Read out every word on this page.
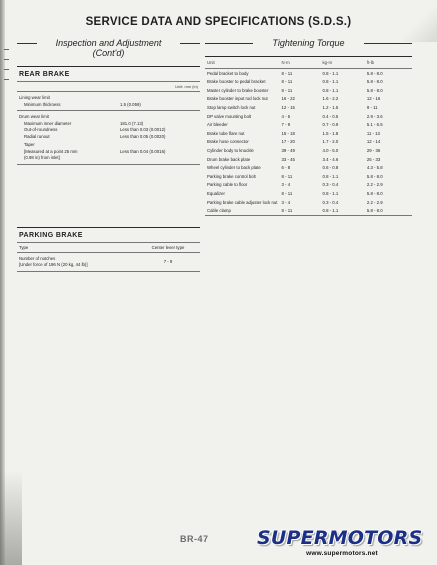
SERVICE DATA AND SPECIFICATIONS (S.D.S.)
Inspection and Adjustment
(Cont'd)
REAR BRAKE
Unit: mm (in)
Lining wear limit
Minimum thickness	1.5 (0.059)
Drum wear limit
Maximum inner diameter	181.0 (7.13)
Out-of-roundness	Less than 0.03 (0.0012)
Radial runout	Less than 0.05 (0.0020)
Taper
[Measured at a point 25 mm	Less than 0.04 (0.0016)
(0.98 in) from inlet]
PARKING BRAKE
Type	Center lever type
Number of notches
[Under force of 196 N (20 kg, 44 lb)]
7 - 9
Tightening Torque
Unit	N·m	kg-m	ft-lb
Pedal bracket to body	8 - 11	0.8 - 1.1	5.8 - 8.0
Brake booster to pedal bracket	8 - 11	0.8 - 1.1	5.8 - 8.0
Master cylinder to brake booster	8 - 11	0.8 - 1.1	5.8 - 8.0
Brake booster input rod lock nut	16 - 22	1.6 - 2.2	12 - 16
Stop lamp switch lock nut	12 - 15	1.2 - 1.5	9 - 11
DP valve mounting bolt	4 - 5	0.4 - 0.5	2.9 - 3.6
Air bleeder	7 - 9	0.7 - 0.9	5.1 - 6.5
Brake tube flare nut	15 - 18	1.5 - 1.8	11 - 13
Brake hose connector	17 - 20	1.7 - 2.0	12 - 14
Cylinder body to knuckle	39 - 49	4.0 - 5.0	29 - 36
Drum brake back plate	33 - 45	3.4 - 4.6	25 - 33
Wheel cylinder to back plate	6 - 8	0.6 - 0.8	4.3 - 5.8
Parking brake control bolt	8 - 11	0.8 - 1.1	5.8 - 8.0
Parking cable to floor	3 - 4	0.3 - 0.4	2.2 - 2.9
Equalizer	8 - 11	0.8 - 1.1	5.8 - 8.0
Parking brake cable adjuster lock nut	3 - 4	0.3 - 0.4	2.2 - 2.9
Cable clamp	8 - 11	0.8 - 1.1	5.8 - 8.0
BR-47	SUPERMOTORS
www.supermotors.net
